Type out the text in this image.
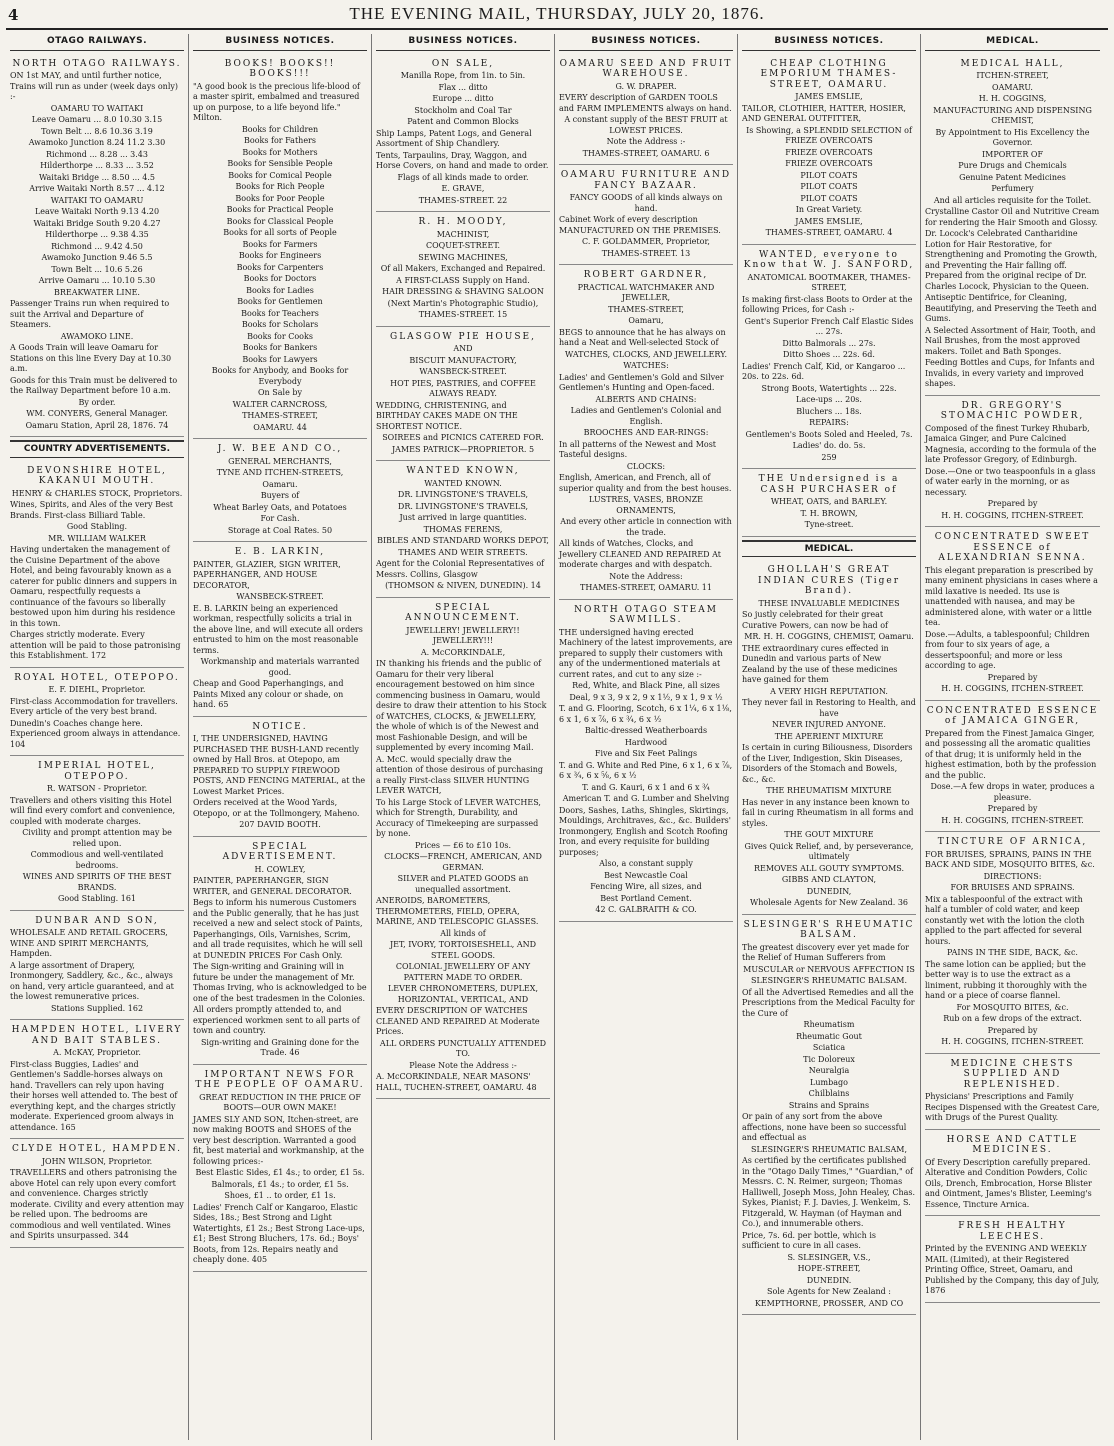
4	THE EVENING MAIL, THURSDAY, JULY 20, 1876.
OTAGO RAILWAYS.
NORTH OTAGO RAILWAYS.
ON 1st MAY, and until further notice, Trains will run as under (week days only) :-
OAMARU TO WAITAKI
Leave Oamaru ... 8.0 10.30 3.15
Town Belt ... 8.6 10.36 3.19
Awamoko Junction 8.24 11.2 3.30
Richmond ... 8.28 ... 3.43
Hilderthorpe ... 8.33 ... 3.52
Waitaki Bridge ... 8.50 ... 4.5
Arrive Waitaki North 8.57 ... 4.12
WAITAKI TO OAMARU
Leave Waitaki North 9.13 4.20
Waitaki Bridge South 9.20 4.27
Hilderthorpe ... 9.38 4.35
Richmond ... 9.42 4.50
Awamoko Junction 9.46 5.5
Town Belt ... 10.6 5.26
Arrive Oamaru ... 10.10 5.30
BREAKWATER LINE.
Passenger Trains run when required to suit the Arrival and Departure of Steamers.
AWAMOKO LINE.
A Goods Train will leave Oamaru for Stations on this line Every Day at 10.30 a.m.
Goods for this Train must be delivered to the Railway Department before 10 a.m.
By order.
WM. CONYERS, General Manager.
Oamaru Station, April 28, 1876. 74
COUNTRY ADVERTISEMENTS.
DEVONSHIRE HOTEL, KAKANUI MOUTH.
HENRY & CHARLES STOCK, Proprietors.
Wines, Spirits, and Ales of the very Best Brands. First-class Billiard Table.
Good Stabling.
MR. WILLIAM WALKER
Having undertaken the management of the Cuisine Department of the above Hotel, and being favourably known as a caterer for public dinners and suppers in Oamaru, respectfully requests a continuance of the favours so liberally bestowed upon him during his residence in this town.
Charges strictly moderate. Every attention will be paid to those patronising this Establishment. 172
ROYAL HOTEL, OTEPOPO.
E. F. DIEHL, Proprietor.
First-class Accommodation for travellers. Every article of the very best brand.
Dunedin's Coaches change here. Experienced groom always in attendance. 104
IMPERIAL HOTEL, OTEPOPO.
R. WATSON - Proprietor.
Travellers and others visiting this Hotel will find every comfort and convenience, coupled with moderate charges.
Civility and prompt attention may be relied upon.
Commodious and well-ventilated bedrooms.
WINES AND SPIRITS OF THE BEST BRANDS.
Good Stabling. 161
DUNBAR AND SON,
WHOLESALE AND RETAIL GROCERS, WINE AND SPIRIT MERCHANTS, Hampden.
A large assortment of Drapery, Ironmongery, Saddlery, &c., &c., always on hand, very article guaranteed, and at the lowest remunerative prices.
Stations Supplied. 162
HAMPDEN HOTEL, LIVERY AND BAIT STABLES.
A. McKAY, Proprietor.
First-class Buggies, Ladies' and Gentlemen's Saddle-horses always on hand. Travellers can rely upon having their horses well attended to. The best of everything kept, and the charges strictly moderate. Experienced groom always in attendance. 165
CLYDE HOTEL, HAMPDEN.
JOHN WILSON, Proprietor.
TRAVELLERS and others patronising the above Hotel can rely upon every comfort and convenience. Charges strictly moderate. Civility and every attention may be relied upon. The bedrooms are commodious and well ventilated. Wines and Spirits unsurpassed. 344
BUSINESS NOTICES.
BOOKS! BOOKS!! BOOKS!!!
"A good book is the precious life-blood of a master spirit, embalmed and treasured up on purpose, to a life beyond life." Milton.
Books for Children
Books for Fathers
Books for Mothers
Books for Sensible People
Books for Comical People
Books for Rich People
Books for Poor People
Books for Practical People
Books for Classical People
Books for all sorts of People
Books for Farmers
Books for Engineers
Books for Carpenters
Books for Doctors
Books for Ladies
Books for Gentlemen
Books for Teachers
Books for Scholars
Books for Cooks
Books for Bankers
Books for Lawyers
Books for Anybody, and Books for Everybody
On Sale by
WALTER CARNCROSS,
THAMES-STREET,
OAMARU. 44
J. W. BEE AND CO.,
GENERAL MERCHANTS,
TYNE AND ITCHEN-STREETS,
Oamaru.
Buyers of
Wheat Barley Oats, and Potatoes
For Cash.
Storage at Coal Rates. 50
E. B. LARKIN,
PAINTER, GLAZIER, SIGN WRITER, PAPERHANGER, AND HOUSE DECORATOR,
WANSBECK-STREET.
E. B. LARKIN being an experienced workman, respectfully solicits a trial in the above line, and will execute all orders entrusted to him on the most reasonable terms.
Workmanship and materials warranted good.
Cheap and Good Paperhangings, and Paints Mixed any colour or shade, on hand. 65
NOTICE.
I, THE UNDERSIGNED, HAVING PURCHASED THE BUSH-LAND recently owned by Hall Bros. at Otepopo, am PREPARED TO SUPPLY FIREWOOD POSTS, AND FENCING MATERIAL, at the Lowest Market Prices.
Orders received at the Wood Yards, Otepopo, or at the Tollmongery, Maheno.
207 DAVID BOOTH.
SPECIAL ADVERTISEMENT.
H. COWLEY,
PAINTER, PAPERHANGER, SIGN WRITER, and GENERAL DECORATOR.
Begs to inform his numerous Customers and the Public generally, that he has just received a new and select stock of Paints, Paperhangings, Oils, Varnishes, Scrim, and all trade requisites, which he will sell at DUNEDIN PRICES For Cash Only.
The Sign-writing and Graining will in future be under the management of Mr. Thomas Irving, who is acknowledged to be one of the best tradesmen in the Colonies.
All orders promptly attended to, and experienced workmen sent to all parts of town and country.
Sign-writing and Graining done for the Trade. 46
IMPORTANT NEWS FOR THE PEOPLE OF OAMARU.
GREAT REDUCTION IN THE PRICE OF BOOTS—OUR OWN MAKE!
JAMES SLY AND SON, Itchen-street, are now making BOOTS and SHOES of the very best description. Warranted a good fit, best material and workmanship, at the following prices:-
Best Elastic Sides, £1 4s.; to order, £1 5s.
Balmorals, £1 4s.; to order, £1 5s.
Shoes, £1 .. to order, £1 1s.
Ladies' French Calf or Kangaroo, Elastic Sides, 18s.; Best Strong and Light Watertights, £1 2s.; Best Strong Lace-ups, £1; Best Strong Bluchers, 17s. 6d.; Boys' Boots, from 12s. Repairs neatly and cheaply done. 405
BUSINESS NOTICES.
ON SALE,
Manilla Rope, from 1in. to 5in.
Flax ... ditto
Europe ... ditto
Stockholm and Coal Tar
Patent and Common Blocks
Ship Lamps, Patent Logs, and General Assortment of Ship Chandlery.
Tents, Tarpaulins, Dray, Waggon, and Horse Covers, on hand and made to order.
Flags of all kinds made to order.
E. GRAVE,
THAMES-STREET. 22
R. H. MOODY,
MACHINIST,
COQUET-STREET.
SEWING MACHINES,
Of all Makers, Exchanged and Repaired.
A FIRST-CLASS Supply on Hand.
HAIR DRESSING & SHAVING SALOON
(Next Martin's Photographic Studio),
THAMES-STREET. 15
GLASGOW PIE HOUSE,
AND
BISCUIT MANUFACTORY,
WANSBECK-STREET.
HOT PIES, PASTRIES, and COFFEE ALWAYS READY.
WEDDING, CHRISTENING, and BIRTHDAY CAKES MADE ON THE SHORTEST NOTICE.
SOIREES and PICNICS CATERED FOR.
JAMES PATRICK—PROPRIETOR. 5
WANTED KNOWN,
WANTED KNOWN.
DR. LIVINGSTONE'S TRAVELS,
DR. LIVINGSTONE'S TRAVELS,
Just arrived in large quantities.
THOMAS FERENS,
BIBLES AND STANDARD WORKS DEPOT,
THAMES AND WEIR STREETS.
Agent for the Colonial Representatives of Messrs. Collins, Glasgow
(THOMSON & NIVEN, DUNEDIN). 14
SPECIAL ANNOUNCEMENT.
JEWELLERY! JEWELLERY!! JEWELLERY!!!
A. McCORKINDALE,
IN thanking his friends and the public of Oamaru for their very liberal encouragement bestowed on him since commencing business in Oamaru, would desire to draw their attention to his Stock of WATCHES, CLOCKS, & JEWELLERY, the whole of which is of the Newest and most Fashionable Design, and will be supplemented by every incoming Mail.
A. McC. would specially draw the attention of those desirous of purchasing a really First-class SILVER HUNTING LEVER WATCH,
To his Large Stock of LEVER WATCHES, which for Strength, Durability, and Accuracy of Timekeeping are surpassed by none.
Prices — £6 to £10 10s.
CLOCKS—FRENCH, AMERICAN, AND GERMAN.
SILVER and PLATED GOODS an unequalled assortment.
ANEROIDS, BAROMETERS, THERMOMETERS, FIELD, OPERA, MARINE, AND TELESCOPIC GLASSES.
All kinds of
JET, IVORY, TORTOISESHELL, AND STEEL GOODS.
COLONIAL JEWELLERY OF ANY PATTERN MADE TO ORDER.
LEVER CHRONOMETERS, DUPLEX, HORIZONTAL, VERTICAL, AND
EVERY DESCRIPTION OF WATCHES CLEANED AND REPAIRED At Moderate Prices.
ALL ORDERS PUNCTUALLY ATTENDED TO.
Please Note the Address :-
A. McCORKINDALE, NEAR MASONS' HALL, TUCHEN-STREET, OAMARU. 48
BUSINESS NOTICES.
OAMARU SEED AND FRUIT WAREHOUSE.
G. W. DRAPER.
EVERY description of GARDEN TOOLS and FARM IMPLEMENTS always on hand.
A constant supply of the BEST FRUIT at LOWEST PRICES.
Note the Address :-
THAMES-STREET, OAMARU. 6
OAMARU FURNITURE AND FANCY BAZAAR.
FANCY GOODS of all kinds always on hand.
Cabinet Work of every description MANUFACTURED ON THE PREMISES.
C. F. GOLDAMMER, Proprietor,
THAMES-STREET. 13
ROBERT GARDNER,
PRACTICAL WATCHMAKER AND JEWELLER,
THAMES-STREET,
Oamaru,
BEGS to announce that he has always on hand a Neat and Well-selected Stock of
WATCHES, CLOCKS, AND JEWELLERY.
WATCHES:
Ladies' and Gentlemen's Gold and Silver Gentlemen's Hunting and Open-faced.
ALBERTS AND CHAINS:
Ladies and Gentlemen's Colonial and English.
BROOCHES AND EAR-RINGS:
In all patterns of the Newest and Most Tasteful designs.
CLOCKS:
English, American, and French, all of superior quality and from the best houses.
LUSTRES, VASES, BRONZE ORNAMENTS,
And every other article in connection with the trade.
All kinds of Watches, Clocks, and Jewellery CLEANED AND REPAIRED At moderate charges and with despatch.
Note the Address:
THAMES-STREET, OAMARU. 11
NORTH OTAGO STEAM SAWMILLS.
THE undersigned having erected Machinery of the latest improvements, are prepared to supply their customers with any of the undermentioned materials at current rates, and cut to any size :-
Red, White, and Black Pine, all sizes
Deal, 9 x 3, 9 x 2, 9 x 1½, 9 x 1, 9 x ½
T. and G. Flooring, Scotch, 6 x 1¼, 6 x 1⅛, 6 x 1, 6 x ⅞, 6 x ¾, 6 x ½
Baltic-dressed Weatherboards
Hardwood
Five and Six Feet Palings
T. and G. White and Red Pine, 6 x 1, 6 x ⅞, 6 x ¾, 6 x ⅝, 6 x ½
T. and G. Kauri, 6 x 1 and 6 x ¾
American T. and G. Lumber and Shelving
Doors, Sashes, Laths, Shingles, Skirtings, Mouldings, Architraves, &c., &c. Builders' Ironmongery, English and Scotch Roofing Iron, and every requisite for building purposes;
Also, a constant supply
Best Newcastle Coal
Fencing Wire, all sizes, and
Best Portland Cement.
42 C. GALBRAITH & CO.
BUSINESS NOTICES.
CHEAP CLOTHING EMPORIUM THAMES-STREET, OAMARU.
JAMES EMSLIE,
TAILOR, CLOTHIER, HATTER, HOSIER, AND GENERAL OUTFITTER,
Is Showing, a SPLENDID SELECTION of FRIEZE OVERCOATS
FRIEZE OVERCOATS
FRIEZE OVERCOATS
PILOT COATS
PILOT COATS
PILOT COATS
In Great Variety.
JAMES EMSLIE,
THAMES-STREET, OAMARU. 4
WANTED, everyone to Know that W. J. SANFORD,
ANATOMICAL BOOTMAKER, THAMES-STREET,
Is making first-class Boots to Order at the following Prices, for Cash :-
Gent's Superior French Calf Elastic Sides ... 27s.
Ditto Balmorals ... 27s.
Ditto Shoes ... 22s. 6d.
Ladies' French Calf, Kid, or Kangaroo ... 20s. to 22s. 6d.
Strong Boots, Watertights ... 22s.
Lace-ups ... 20s.
Bluchers ... 18s.
REPAIRS:
Gentlemen's Boots Soled and Heeled, 7s.
Ladies' do. do. 5s.
259
THE Undersigned is a CASH PURCHASER of
WHEAT, OATS, and BARLEY.
T. H. BROWN,
Tyne-street.
MEDICAL.
GHOLLAH'S GREAT INDIAN CURES (Tiger Brand).
THESE INVALUABLE MEDICINES
So justly celebrated for their great Curative Powers, can now be had of
MR. H. H. COGGINS, CHEMIST, Oamaru.
THE extraordinary cures effected in Dunedin and various parts of New Zealand by the use of these medicines have gained for them
A VERY HIGH REPUTATION.
They never fail in Restoring to Health, and have
NEVER INJURED ANYONE.
THE APERIENT MIXTURE
Is certain in curing Biliousness, Disorders of the Liver, Indigestion, Skin Diseases, Disorders of the Stomach and Bowels, &c., &c.
THE RHEUMATISM MIXTURE
Has never in any instance been known to fail in curing Rheumatism in all forms and styles.
THE GOUT MIXTURE
Gives Quick Relief, and, by perseverance, ultimately
REMOVES ALL GOUTY SYMPTOMS.
GIBBS AND CLAYTON,
DUNEDIN,
Wholesale Agents for New Zealand. 36
SLESINGER'S RHEUMATIC BALSAM.
The greatest discovery ever yet made for the Relief of Human Sufferers from
MUSCULAR or NERVOUS AFFECTION IS
SLESINGER'S RHEUMATIC BALSAM.
Of all the Advertised Remedies and all the Prescriptions from the Medical Faculty for the Cure of
Rheumatism
Rheumatic Gout
Sciatica
Tic Doloreux
Neuralgia
Lumbago
Chilblains
Strains and Sprains
Or pain of any sort from the above affections, none have been so successful and effectual as
SLESINGER'S RHEUMATIC BALSAM,
As certified by the certificates published in the "Otago Daily Times," "Guardian," of Messrs. C. N. Reimer, surgeon; Thomas Halliwell, Joseph Moss, John Healey, Chas. Sykes, Pianist; F. J. Davies, J. Wenkeim, S. Fitzgerald, W. Hayman (of Hayman and Co.), and innumerable others.
Price, 7s. 6d. per bottle, which is sufficient to cure in all cases.
S. SLESINGER, V.S.,
HOPE-STREET,
DUNEDIN.
Sole Agents for New Zealand :
KEMPTHORNE, PROSSER, AND CO
MEDICAL.
MEDICAL HALL,
ITCHEN-STREET,
OAMARU.
H. H. COGGINS,
MANUFACTURING AND DISPENSING CHEMIST,
By Appointment to His Excellency the Governor.
IMPORTER OF
Pure Drugs and Chemicals
Genuine Patent Medicines
Perfumery
And all articles requisite for the Toilet.
Crystalline Castor Oil and Nutritive Cream for rendering the Hair Smooth and Glossy.
Dr. Locock's Celebrated Cantharidine Lotion for Hair Restorative, for Strengthening and Promoting the Growth, and Preventing the Hair falling off. Prepared from the original recipe of Dr. Charles Locock, Physician to the Queen.
Antiseptic Dentifrice, for Cleaning, Beautifying, and Preserving the Teeth and Gums.
A Selected Assortment of Hair, Tooth, and Nail Brushes, from the most approved makers. Toilet and Bath Sponges.
Feeding Bottles and Cups, for Infants and Invalids, in every variety and improved shapes.
DR. GREGORY'S STOMACHIC POWDER,
Composed of the finest Turkey Rhubarb, Jamaica Ginger, and Pure Calcined Magnesia, according to the formula of the late Professor Gregory, of Edinburgh.
Dose.—One or two teaspoonfuls in a glass of water early in the morning, or as necessary.
Prepared by
H. H. COGGINS, ITCHEN-STREET.
CONCENTRATED SWEET ESSENCE of ALEXANDRIAN SENNA.
This elegant preparation is prescribed by many eminent physicians in cases where a mild laxative is needed. Its use is unattended with nausea, and may be administered alone, with water or a little tea.
Dose.—Adults, a tablespoonful; Children from four to six years of age, a dessertspoonful; and more or less according to age.
Prepared by
H. H. COGGINS, ITCHEN-STREET.
CONCENTRATED ESSENCE of JAMAICA GINGER,
Prepared from the Finest Jamaica Ginger, and possessing all the aromatic qualities of that drug; it is uniformly held in the highest estimation, both by the profession and the public.
Dose.—A few drops in water, produces a pleasure.
Prepared by
H. H. COGGINS, ITCHEN-STREET.
TINCTURE OF ARNICA,
FOR BRUISES, SPRAINS, PAINS IN THE BACK AND SIDE, MOSQUITO BITES, &c.
DIRECTIONS:
FOR BRUISES AND SPRAINS.
Mix a tablespoonful of the extract with half a tumbler of cold water, and keep constantly wet with the lotion the cloth applied to the part affected for several hours.
PAINS IN THE SIDE, BACK, &c.
The same lotion can be applied; but the better way is to use the extract as a liniment, rubbing it thoroughly with the hand or a piece of coarse flannel.
For MOSQUITO BITES, &c.
Rub on a few drops of the extract.
Prepared by
H. H. COGGINS, ITCHEN-STREET.
MEDICINE CHESTS SUPPLIED AND REPLENISHED.
Physicians' Prescriptions and Family Recipes Dispensed with the Greatest Care, with Drugs of the Purest Quality.
HORSE AND CATTLE MEDICINES.
Of Every Description carefully prepared. Alterative and Condition Powders, Colic Oils, Drench, Embrocation, Horse Blister and Ointment, James's Blister, Leeming's Essence, Tincture Arnica.
FRESH HEALTHY LEECHES.
Printed by the EVENING AND WEEKLY MAIL (Limited), at their Registered Printing Office, Street, Oamaru, and Published by the Company, this day of July, 1876
